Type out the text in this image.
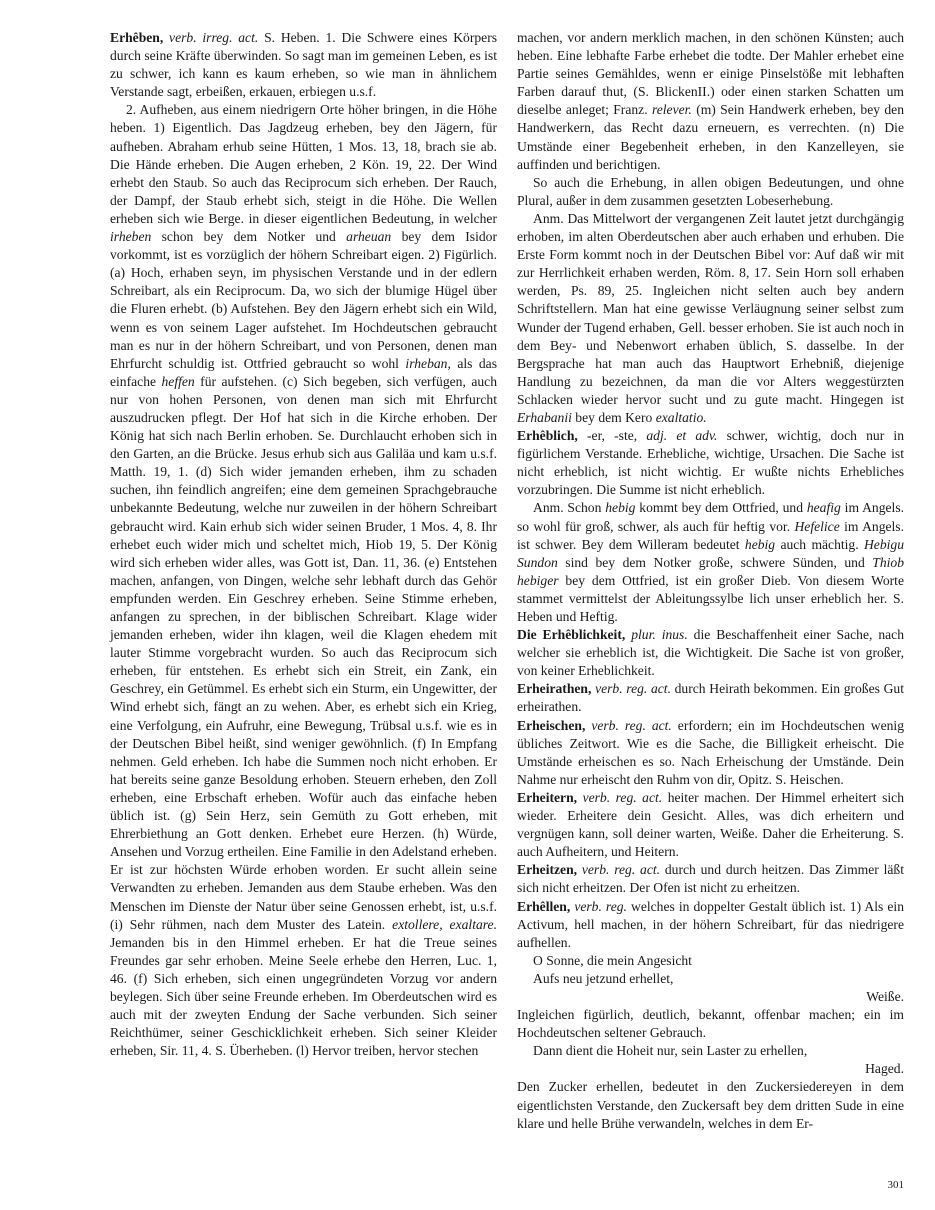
Erhêben, verb. irreg. act. S. Heben. 1. Die Schwere eines Körpers durch seine Kräfte überwinden. So sagt man im gemeinen Leben, es ist zu schwer, ich kann es kaum erheben, so wie man in ähnlichem Verstande sagt, erbeißen, erkauen, erbiegen u.s.f.

2. Aufheben, aus einem niedrigern Orte höher bringen, in die Höhe heben. 1) Eigentlich. Das Jagdzeug erheben, bey den Jägern, für aufheben. Abraham erhub seine Hütten, 1 Mos. 13, 18, brach sie ab. Die Hände erheben. Die Augen erheben, 2 Kön. 19, 22. Der Wind erhebt den Staub. So auch das Reciprocum sich erheben. Der Rauch, der Dampf, der Staub erhebt sich, steigt in die Höhe. Die Wellen erheben sich wie Berge. in dieser eigentlichen Bedeutung, in welcher irheben schon bey dem Notker und arheuan bey dem Isidor vorkommt, ist es vorzüglich der höhern Schreibart eigen. 2) Figürlich. (a) Hoch, erhaben seyn, im physischen Verstande und in der edlern Schreibart, als ein Reciprocum. Da, wo sich der blumige Hügel über die Fluren erhebt. (b) Aufstehen. Bey den Jägern erhebt sich ein Wild, wenn es von seinem Lager aufstehet. Im Hochdeutschen gebraucht man es nur in der höhern Schreibart, und von Personen, denen man Ehrfurcht schuldig ist. Ottfried gebraucht so wohl irheban, als das einfache heffen für aufstehen. (c) Sich begeben, sich verfügen, auch nur von hohen Personen, von denen man sich mit Ehrfurcht auszudrucken pflegt. Der Hof hat sich in die Kirche erhoben. Der König hat sich nach Berlin erhoben. Se. Durchlaucht erhoben sich in den Garten, an die Brücke. Jesus erhub sich aus Galiläa und kam u.s.f. Matth. 19, 1. (d) Sich wider jemanden erheben, ihm zu schaden suchen, ihn feindlich angreifen; eine dem gemeinen Sprachgebrauche unbekannte Bedeutung, welche nur zuweilen in der höhern Schreibart gebraucht wird. Kain erhub sich wider seinen Bruder, 1 Mos. 4, 8. Ihr erhebet euch wider mich und scheltet mich, Hiob 19, 5. Der König wird sich erheben wider alles, was Gott ist, Dan. 11, 36. (e) Entstehen machen, anfangen, von Dingen, welche sehr lebhaft durch das Gehör empfunden werden. Ein Geschrey erheben. Seine Stimme erheben, anfangen zu sprechen, in der biblischen Schreibart. Klage wider jemanden erheben, wider ihn klagen, weil die Klagen ehedem mit lauter Stimme vorgebracht wurden. So auch das Reciprocum sich erheben, für entstehen. Es erhebt sich ein Streit, ein Zank, ein Geschrey, ein Getümmel. Es erhebt sich ein Sturm, ein Ungewitter, der Wind erhebt sich, fängt an zu wehen. Aber, es erhebt sich ein Krieg, eine Verfolgung, ein Aufruhr, eine Bewegung, Trübsal u.s.f. wie es in der Deutschen Bibel heißt, sind weniger gewöhnlich. (f) In Empfang nehmen. Geld erheben. Ich habe die Summen noch nicht erhoben. Er hat bereits seine ganze Besoldung erhoben. Steuern erheben, den Zoll erheben, eine Erbschaft erheben. Wofür auch das einfache heben üblich ist. (g) Sein Herz, sein Gemüth zu Gott erheben, mit Ehrerbiethung an Gott denken. Erhebet eure Herzen. (h) Würde, Ansehen und Vorzug ertheilen. Eine Familie in den Adelstand erheben. Er ist zur höchsten Würde erhoben worden. Er sucht allein seine Verwandten zu erheben. Jemanden aus dem Staube erheben. Was den Menschen im Dienste der Natur über seine Genossen erhebt, ist, u.s.f. (i) Sehr rühmen, nach dem Muster des Latein. extollere, exaltare. Jemanden bis in den Himmel erheben. Er hat die Treue seines Freundes gar sehr erhoben. Meine Seele erhebe den Herren, Luc. 1, 46. (f) Sich erheben, sich einen ungegründeten Vorzug vor andern beylegen. Sich über seine Freunde erheben. Im Oberdeutschen wird es auch mit der zweyten Endung der Sache verbunden. Sich seiner Reichthümer, seiner Geschicklichkeit erheben. Sich seiner Kleider erheben, Sir. 11, 4. S. Überheben. (l) Hervor treiben, hervor stechen

machen, vor andern merklich machen, in den schönen Künsten; auch heben. Eine lebhafte Farbe erhebet die todte. Der Mahler erhebet eine Partie seines Gemähldes, wenn er einige Pinselstöße mit lebhaften Farben darauf thut, (S. BlickenII.) oder einen starken Schatten um dieselbe anleget; Franz. relever. (m) Sein Handwerk erheben, bey den Handwerkern, das Recht dazu erneuern, es verrechten. (n) Die Umstände einer Begebenheit erheben, in den Kanzelleyen, sie auffinden und berichtigen.

So auch die Erhebung, in allen obigen Bedeutungen, und ohne Plural, außer in dem zusammen gesetzten Lobeserhebung.

Anm. Das Mittelwort der vergangenen Zeit lautet jetzt durchgängig erhoben, im alten Oberdeutschen aber auch erhaben und erhuben. Die Erste Form kommt noch in der Deutschen Bibel vor: Auf daß wir mit zur Herrlichkeit erhaben werden, Röm. 8, 17. Sein Horn soll erhaben werden, Ps. 89, 25. Ingleichen nicht selten auch bey andern Schriftstellern. Man hat eine gewisse Verläugnung seiner selbst zum Wunder der Tugend erhaben, Gell. besser erhoben. Sie ist auch noch in dem Bey- und Nebenwort erhaben üblich, S. dasselbe. In der Bergsprache hat man auch das Hauptwort Erhebniß, diejenige Handlung zu bezeichnen, da man die vor Alters weggestürzten Schlacken wieder hervor sucht und zu gute macht. Hingegen ist Erhabanii bey dem Kero exaltatio.

Erhêblich, -er, -ste, adj. et adv. schwer, wichtig, doch nur in figürlichem Verstande. Erhebliche, wichtige, Ursachen. Die Sache ist nicht erheblich, ist nicht wichtig. Er wußte nichts Erhebliches vorzubringen. Die Summe ist nicht erheblich.

Anm. Schon hebig kommt bey dem Ottfried, und heafig im Angels. so wohl für groß, schwer, als auch für heftig vor. Hefelice im Angels. ist schwer. Bey dem Willeram bedeutet hebig auch mächtig. Hebigu Sundon sind bey dem Notker große, schwere Sünden, und Thiob hebiger bey dem Ottfried, ist ein großer Dieb. Von diesem Worte stammet vermittelst der Ableitungssylbe lich unser erheblich her. S. Heben und Heftig.

Die Erhêblichkeit, plur. inus. die Beschaffenheit einer Sache, nach welcher sie erheblich ist, die Wichtigkeit. Die Sache ist von großer, von keiner Erheblichkeit.

Erheirathen, verb. reg. act. durch Heirath bekommen. Ein großes Gut erheirathen.

Erheischen, verb. reg. act. erfordern; ein im Hochdeutschen wenig übliches Zeitwort. Wie es die Sache, die Billigkeit erheischt. Die Umstände erheischen es so. Nach Erheischung der Umstände. Dein Nahme nur erheischt den Ruhm von dir, Opitz. S. Heischen.

Erheitern, verb. reg. act. heiter machen. Der Himmel erheitert sich wieder. Erheitere dein Gesicht. Alles, was dich erheitern und vergnügen kann, soll deiner warten, Weiße. Daher die Erheiterung. S. auch Aufheitern, und Heitern.

Erheitzen, verb. reg. act. durch und durch heitzen. Das Zimmer läßt sich nicht erheitzen. Der Ofen ist nicht zu erheitzen.

Erhêllen, verb. reg. welches in doppelter Gestalt üblich ist. 1) Als ein Activum, hell machen, in der höhern Schreibart, für das niedrigere aufhellen.

O Sonne, die mein Angesicht

Aufs neu jetzund erhellet,

Weiße.

Ingleichen figürlich, deutlich, bekannt, offenbar machen; ein im Hochdeutschen seltener Gebrauch.

Dann dient die Hoheit nur, sein Laster zu erhellen,

Haged.

Den Zucker erhellen, bedeutet in den Zuckersiedereyen in dem eigentlichsten Verstande, den Zuckersaft bey dem dritten Sude in eine klare und helle Brühe verwandeln, welches in dem Er-

301
